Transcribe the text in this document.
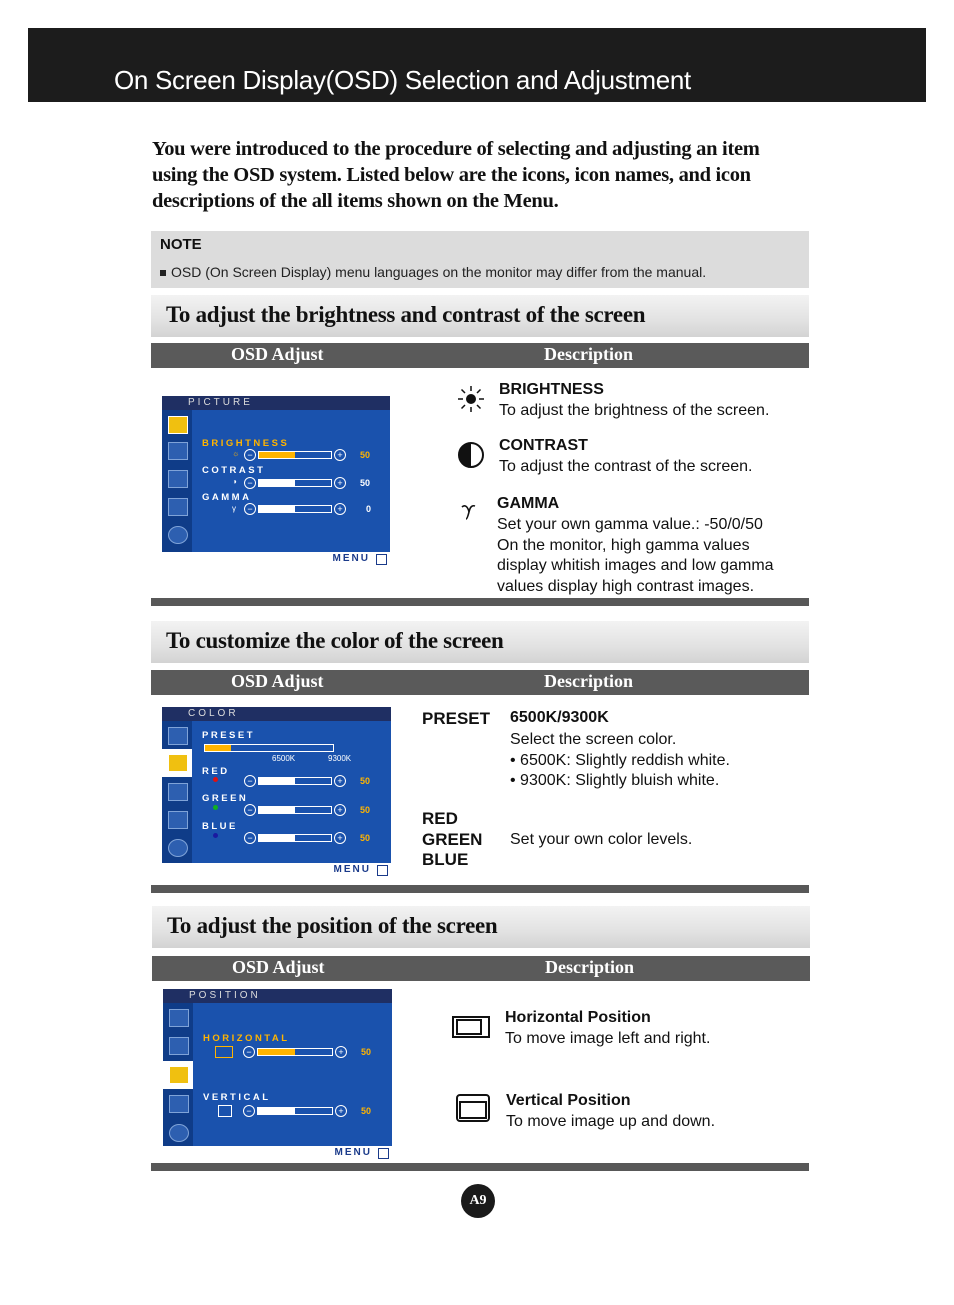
On Screen Display(OSD) Selection and Adjustment
You were introduced to the procedure of selecting and adjusting an item using the OSD system. Listed below are the icons, icon names, and icon descriptions of the all items shown on the Menu.
NOTE
OSD (On Screen Display) menu languages on the monitor may differ from the manual.
To adjust the brightness and contrast of the screen
OSD Adjust	Description
PICTURE
BRIGHTNESS
☼ −	+	50
COTRAST
◑	−	+	50
GAMMA
γ	−	+	0
MENU
BRIGHTNESS
To adjust the brightness of the screen.
CONTRAST
To adjust the contrast of the screen.
GAMMA
Set your own gamma value.: -50/0/50
On the monitor, high gamma values
display whitish images and low gamma
values display high contrast images.
To customize the color of the screen
OSD Adjust	Description
COLOR
PRESET
6500K	9300K
RED
−	+	50
GREEN
−	+	50
BLUE
−	+	50
MENU
PRESET 6500K/9300K
Select the screen color.
• 6500K: Slightly reddish white.
• 9300K: Slightly bluish white.
RED
GREEN
BLUE
Set your own color levels.
To adjust the position of the screen
OSD Adjust	Description
POSITION
HORIZONTAL
−	+	50
VERTICAL
−	+	50
MENU
Horizontal Position
To move image left and right.
Vertical Position
To move image up and down.
A9
